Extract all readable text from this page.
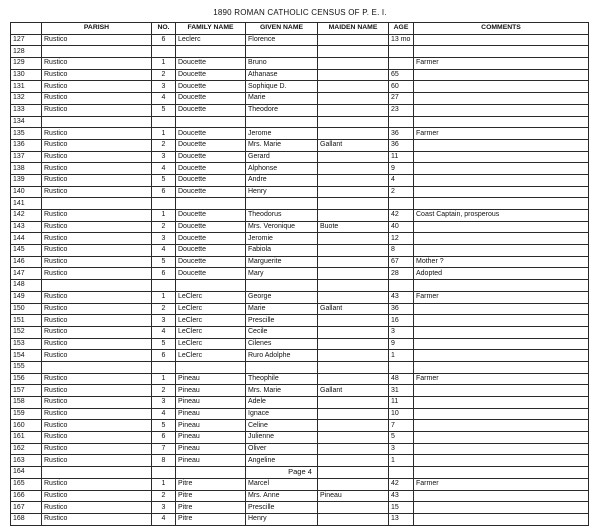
1890 ROMAN CATHOLIC CENSUS OF P. E. I.
	PARISH	NO.	FAMILY NAME	GIVEN NAME	MAIDEN NAME	AGE	COMMENTS
127	Rustico	6	Leclerc	Florence		13 mo	
128							
129	Rustico	1	Doucette	Bruno			Farmer
130	Rustico	2	Doucette	Athanase		65	
131	Rustico	3	Doucette	Sophique D.		60	
132	Rustico	4	Doucette	Marie		27	
133	Rustico	5	Doucette	Theodore		23	
134							
135	Rustico	1	Doucette	Jerome		36	Farmer
136	Rustico	2	Doucette	Mrs. Marie	Gallant	36	
137	Rustico	3	Doucette	Gerard		11	
138	Rustico	4	Doucette	Alphonse		9	
139	Rustico	5	Doucette	Andre		4	
140	Rustico	6	Doucette	Henry		2	
141							
142	Rustico	1	Doucette	Theodorus		42	Coast Captain, prosperous
143	Rustico	2	Doucette	Mrs. Veronique	Buote	40	
144	Rustico	3	Doucette	Jeromie		12	
145	Rustico	4	Doucette	Fabiola		8	
146	Rustico	5	Doucette	Marguerite		67	Mother ?
147	Rustico	6	Doucette	Mary		28	Adopted
148							
149	Rustico	1	LeClerc	George		43	Farmer
150	Rustico	2	LeClerc	Marie	Gallant	36	
151	Rustico	3	LeClerc	Prescille		16	
152	Rustico	4	LeClerc	Cecile		3	
153	Rustico	5	LeClerc	Cilenes		9	
154	Rustico	6	LeClerc	Ruro Adolphe		1	
155							
156	Rustico	1	Pineau	Theophile		48	Farmer
157	Rustico	2	Pineau	Mrs. Marie	Gallant	31	
158	Rustico	3	Pineau	Adele		11	
159	Rustico	4	Pineau	Ignace		10	
160	Rustico	5	Pineau	Celine		7	
161	Rustico	6	Pineau	Julienne		5	
162	Rustico	7	Pineau	Oliver		3	
163	Rustico	8	Pineau	Angeline		1	
164							
165	Rustico	1	Pitre	Marcel		42	Farmer
166	Rustico	2	Pitre	Mrs. Anne	Pineau	43	
167	Rustico	3	Pitre	Prescille		15	
168	Rustico	4	Pitre	Henry		13	
Page 4
